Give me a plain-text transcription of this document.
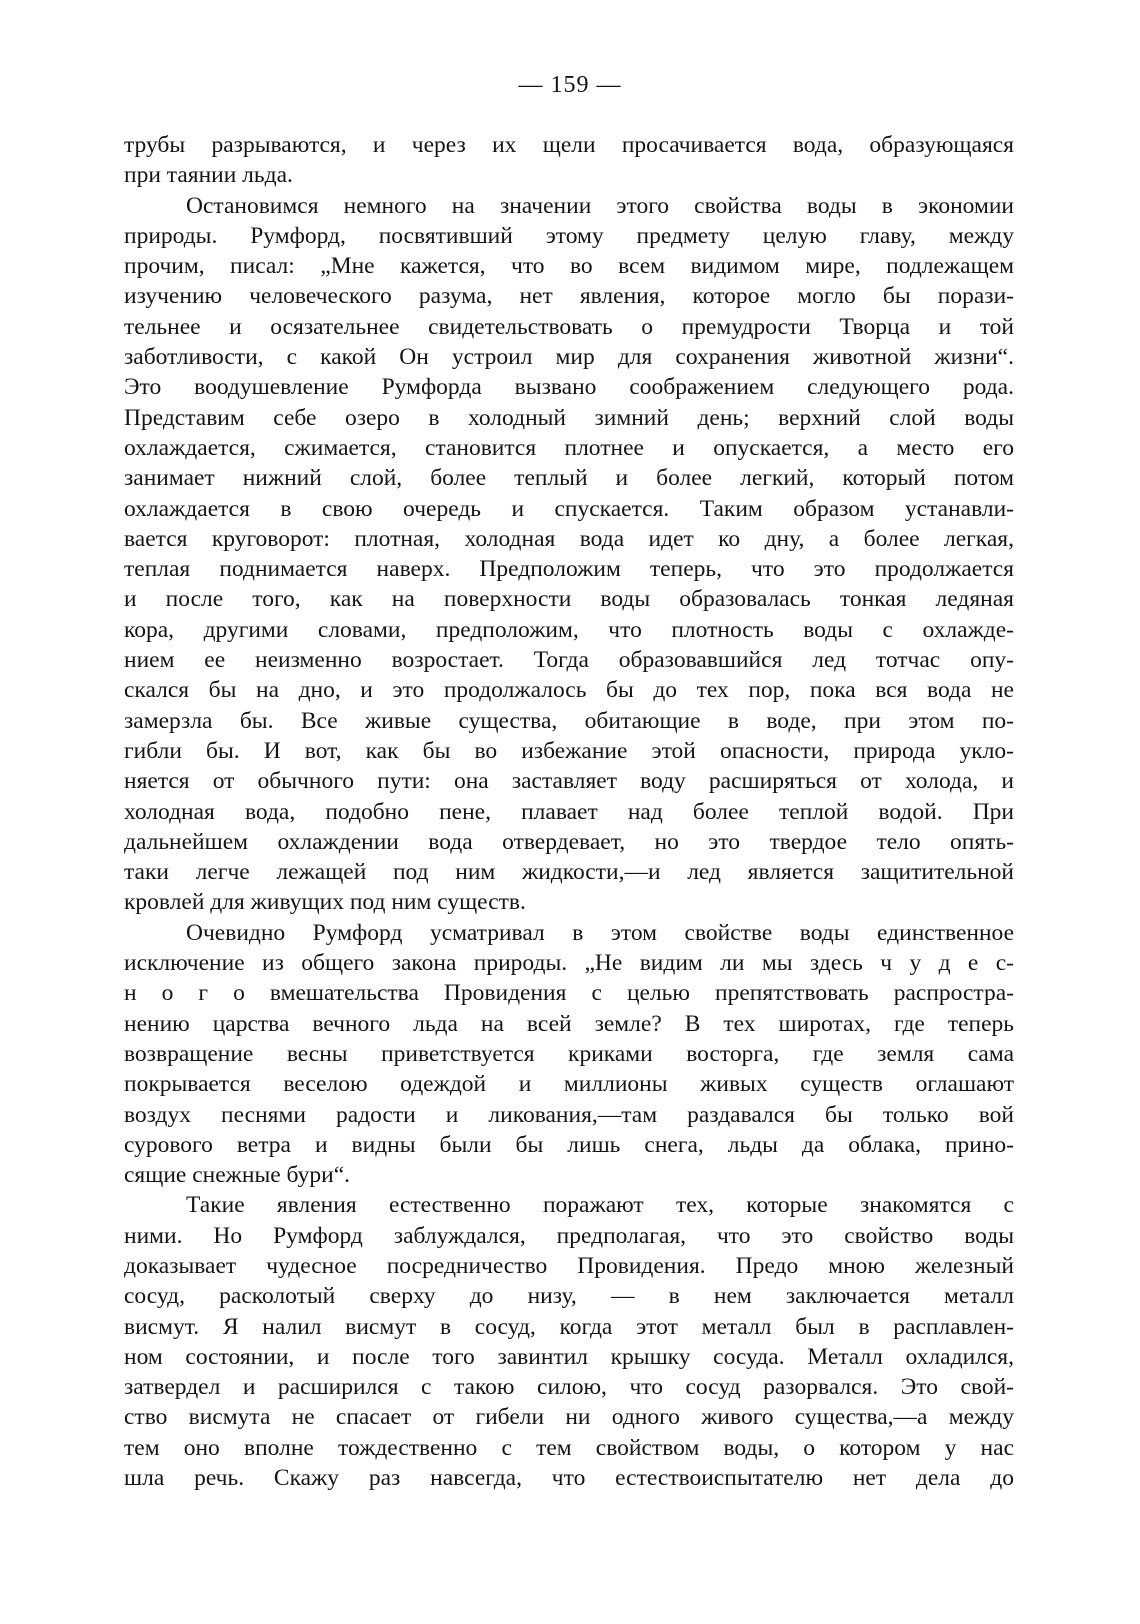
— 159 —
трубы разрываются, и через их щели просачивается вода, образующаяся
при таянии льда.
Остановимся немного на значении этого свойства воды в экономии
природы. Румфорд, посвятивший этому предмету целую главу, между
прочим, писал: „Мне кажется, что во всем видимом мире, подлежащем
изучению человеческого разума, нет явления, которое могло бы порази-
тельнее и осязательнее свидетельствовать о премудрости Творца и той
заботливости, с какой Он устроил мир для сохранения животной жизни“.
Это воодушевление Румфорда вызвано соображением следующего рода.
Представим себе озеро в холодный зимний день; верхний слой воды
охлаждается, сжимается, становится плотнее и опускается, а место его
занимает нижний слой, более теплый и более легкий, который потом
охлаждается в свою очередь и спускается. Таким образом устанавли-
вается круговорот: плотная, холодная вода идет ко дну, а более легкая,
теплая поднимается наверх. Предположим теперь, что это продолжается
и после того, как на поверхности воды образовалась тонкая ледяная
кора, другими словами, предположим, что плотность воды с охлажде-
нием ее неизменно возростает. Тогда образовавшийся лед тотчас опу-
скался бы на дно, и это продолжалось бы до тех пор, пока вся вода не
замерзла бы. Все живые существа, обитающие в воде, при этом по-
гибли бы. И вот, как бы во избежание этой опасности, природа укло-
няется от обычного пути: она заставляет воду расширяться от холода, и
холодная вода, подобно пене, плавает над более теплой водой. При
дальнейшем охлаждении вода отвердевает, но это твердое тело опять-
таки легче лежащей под ним жидкости,—и лед является защитительной
кровлей для живущих под ним существ.
Очевидно Румфорд усматривал в этом свойстве воды единственное
исключение из общего закона природы. „Не видим ли мы здесь ч у д е с-
н о г о вмешательства Провидения с целью препятствовать распростра-
нению царства вечного льда на всей земле? В тех широтах, где теперь
возвращение весны приветствуется криками восторга, где земля сама
покрывается веселою одеждой и миллионы живых существ оглашают
воздух песнями радости и ликования,—там раздавался бы только вой
сурового ветра и видны были бы лишь снега, льды да облака, прино-
сящие снежные бури“.
Такие явления естественно поражают тех, которые знакомятся с
ними. Но Румфорд заблуждался, предполагая, что это свойство воды
доказывает чудесное посредничество Провидения. Предо мною железный
сосуд, расколотый сверху до низу, — в нем заключается металл
висмут. Я налил висмут в сосуд, когда этот металл был в расплавлен-
ном состоянии, и после того завинтил крышку сосуда. Металл охладился,
затвердел и расширился с такою силою, что сосуд разорвался. Это свой-
ство висмута не спасает от гибели ни одного живого существа,—а между
тем оно вполне тождественно с тем свойством воды, о котором у нас
шла речь. Скажу раз навсегда, что естествоиспытателю нет дела до
